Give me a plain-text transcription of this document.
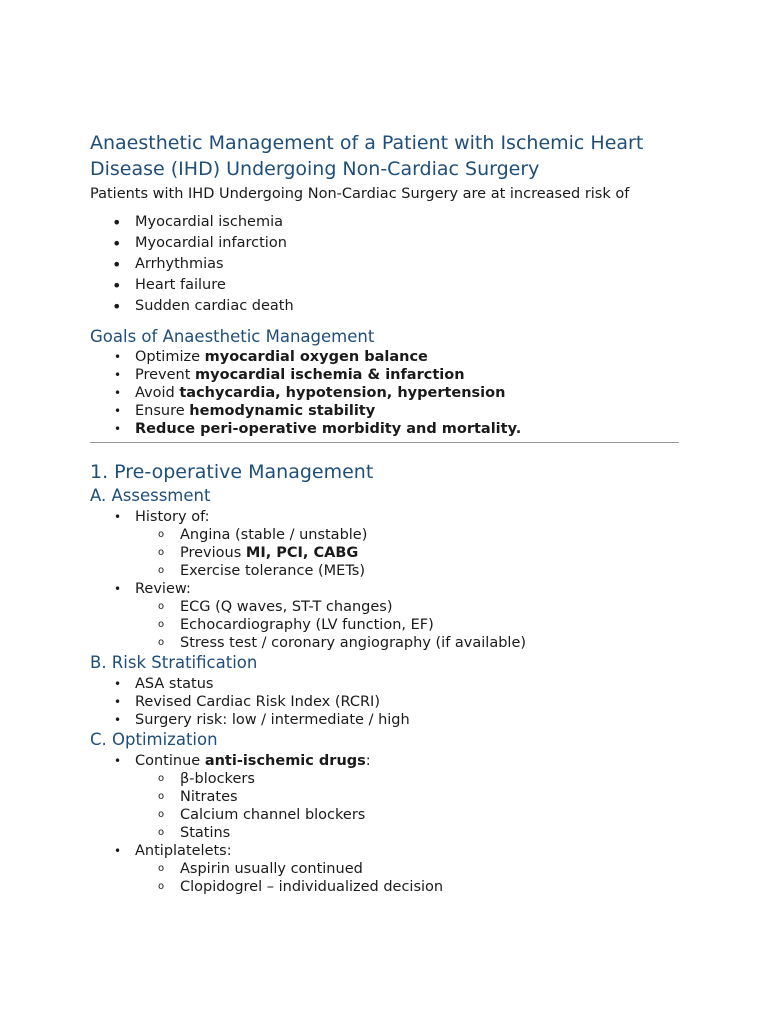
Anaesthetic Management of a Patient with Ischemic Heart Disease (IHD) Undergoing Non-Cardiac Surgery

Patients with IHD Undergoing Non-Cardiac Surgery are at increased risk of

• Myocardial ischemia
• Myocardial infarction
• Arrhythmias
• Heart failure
• Sudden cardiac death
Goals of Anaesthetic Management
• Optimize myocardial oxygen balance
• Prevent myocardial ischemia & infarction
• Avoid tachycardia, hypotension, hypertension
• Ensure hemodynamic stability
• Reduce peri-operative morbidity and mortality.
1. Pre-operative Management
A. Assessment
• History of:
o Angina (stable / unstable)
o Previous MI, PCI, CABG
o Exercise tolerance (METs)
• Review:
o ECG (Q waves, ST-T changes)
o Echocardiography (LV function, EF)
o Stress test / coronary angiography (if available)
B. Risk Stratification
• ASA status
• Revised Cardiac Risk Index (RCRI)
• Surgery risk: low / intermediate / high
C. Optimization
• Continue anti-ischemic drugs:
o β-blockers
o Nitrates
o Calcium channel blockers
o Statins
• Antiplatelets:
o Aspirin usually continued
o Clopidogrel – individualized decision
